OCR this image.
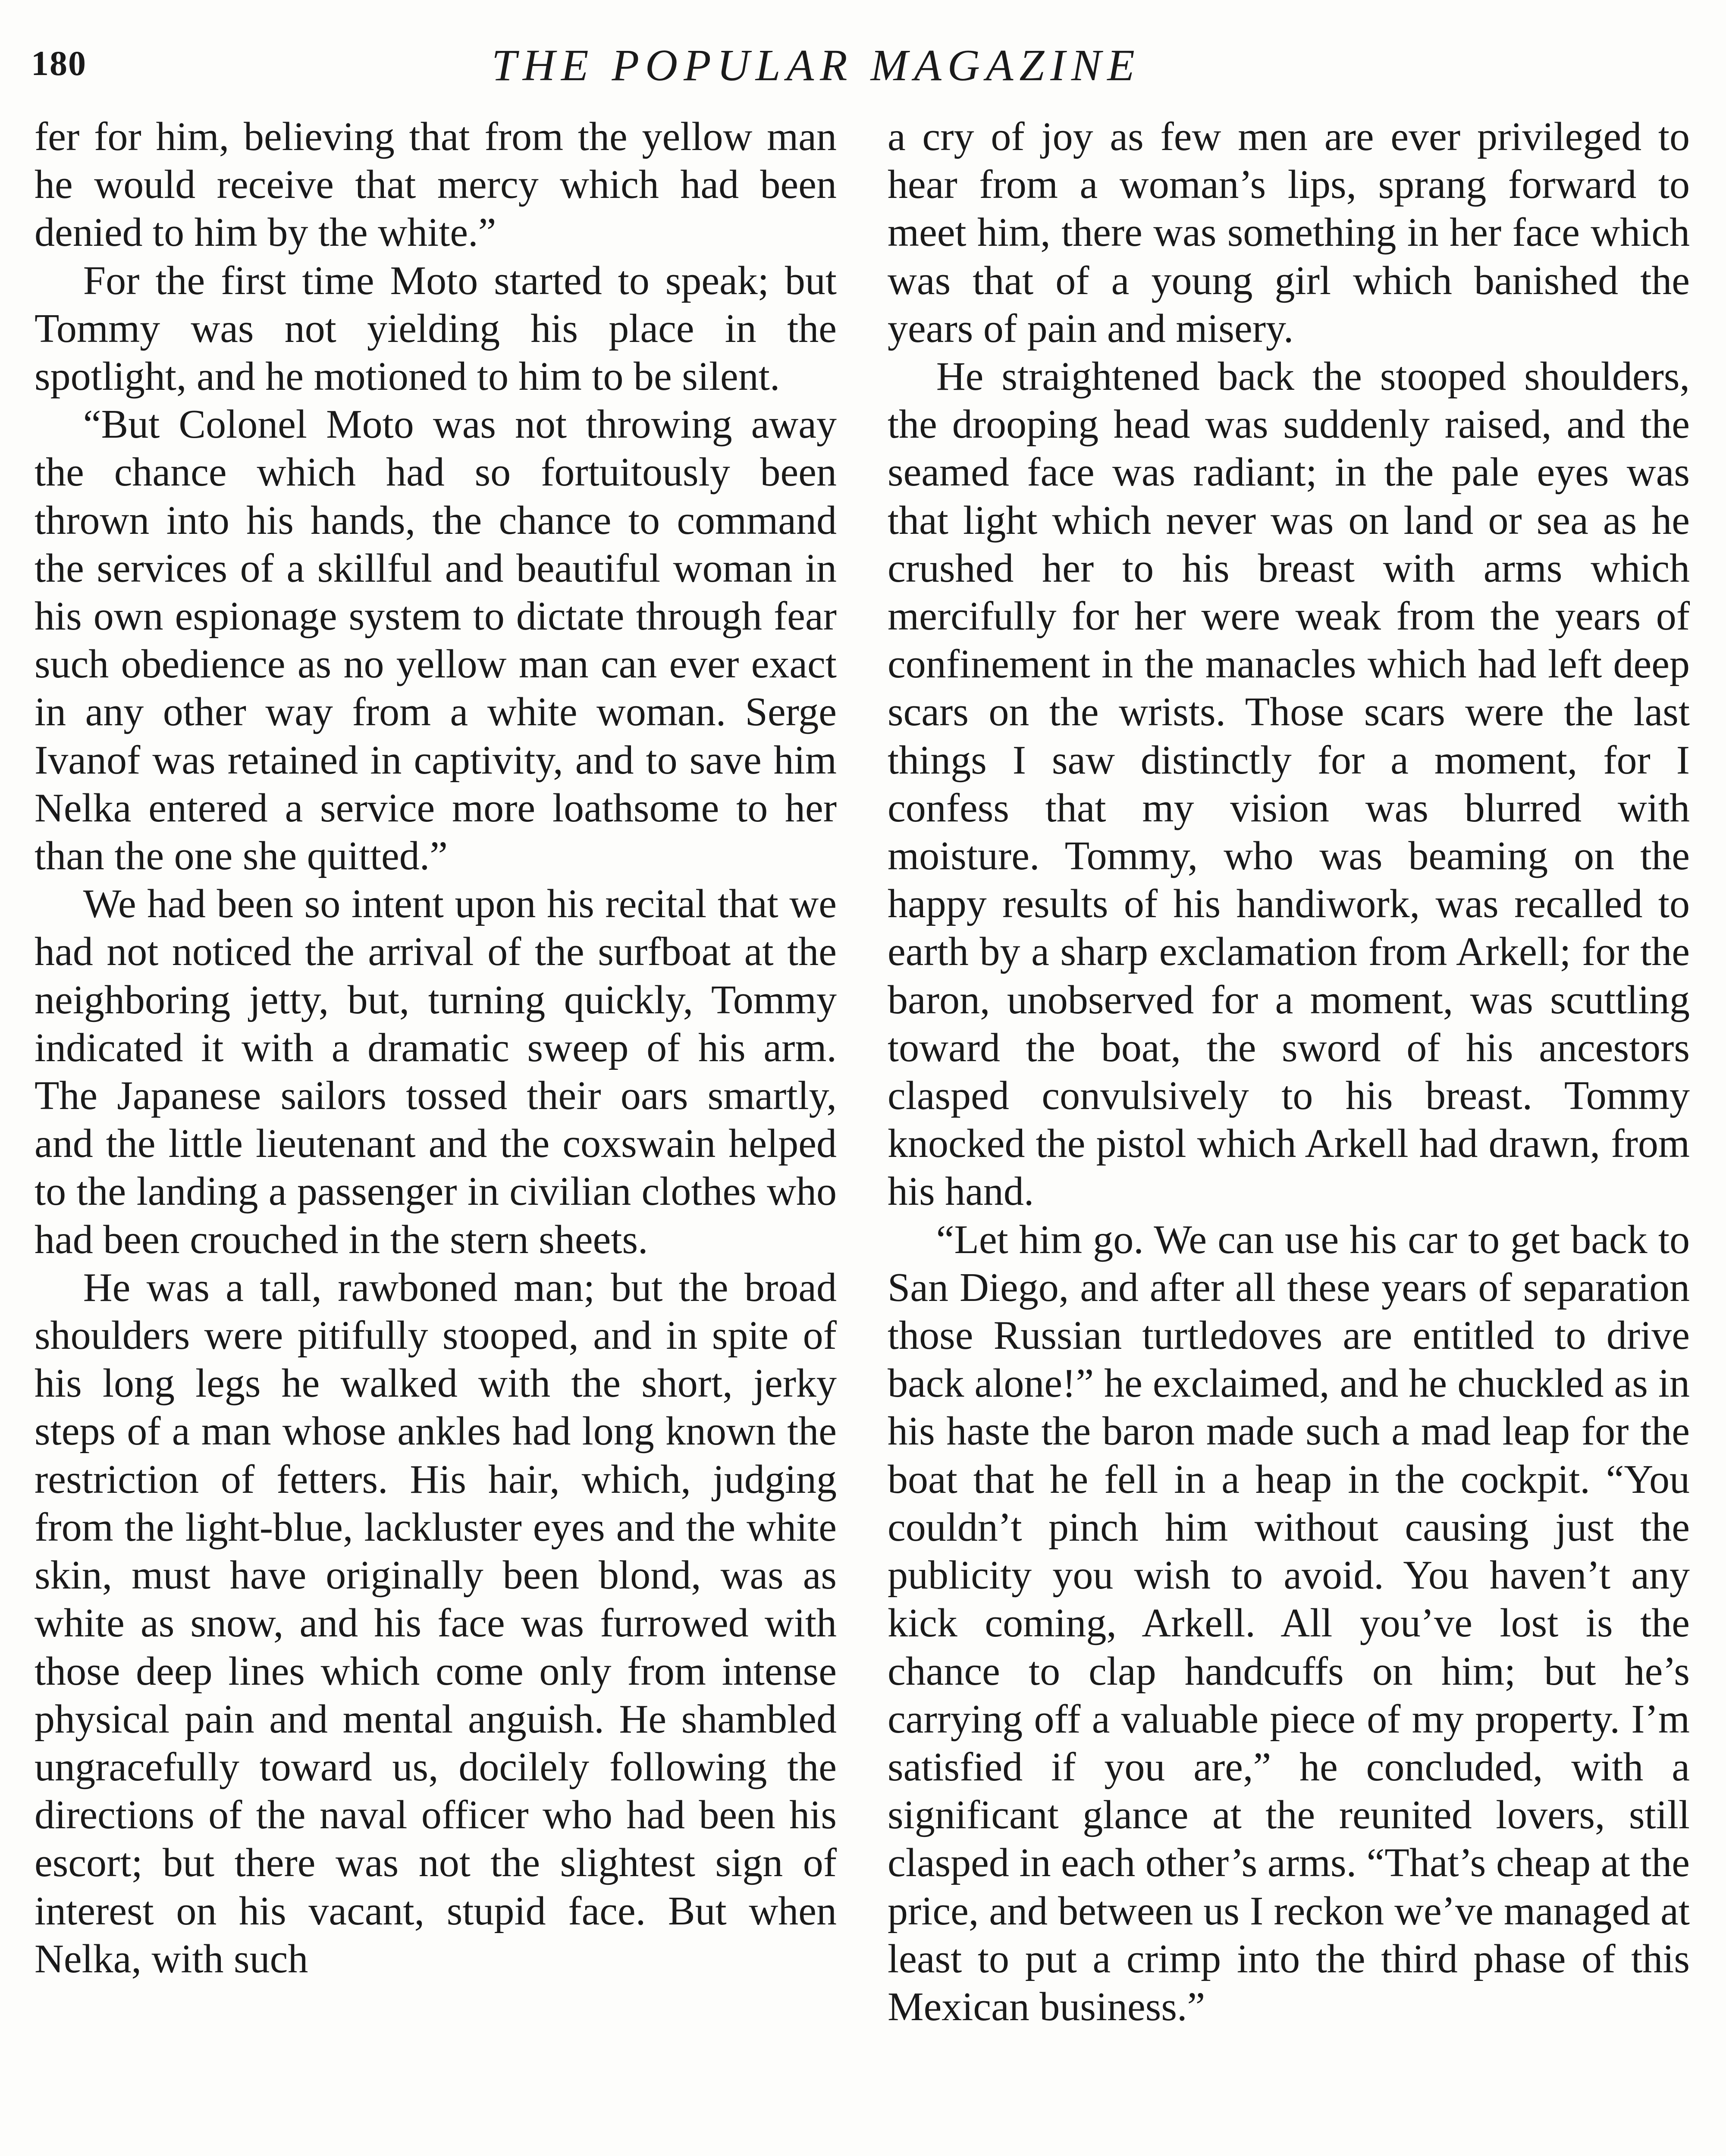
180	THE POPULAR MAGAZINE

fer for him, believing that from the yellow man he would receive that mercy which had been denied to him by the white.”

For the first time Moto started to speak; but Tommy was not yielding his place in the spotlight, and he motioned to him to be silent.

“But Colonel Moto was not throwing away the chance which had so fortuitously been thrown into his hands, the chance to command the services of a skillful and beautiful woman in his own espionage system to dictate through fear such obedience as no yellow man can ever exact in any other way from a white woman. Serge Ivanof was retained in captivity, and to save him Nelka entered a service more loathsome to her than the one she quitted.”

We had been so intent upon his recital that we had not noticed the arrival of the surfboat at the neighboring jetty, but, turning quickly, Tommy indicated it with a dramatic sweep of his arm. The Japanese sailors tossed their oars smartly, and the little lieutenant and the coxswain helped to the landing a passenger in civilian clothes who had been crouched in the stern sheets.

He was a tall, rawboned man; but the broad shoulders were pitifully stooped, and in spite of his long legs he walked with the short, jerky steps of a man whose ankles had long known the restriction of fetters. His hair, which, judging from the light-blue, lackluster eyes and the white skin, must have originally been blond, was as white as snow, and his face was furrowed with those deep lines which come only from intense physical pain and mental anguish. He shambled ungracefully toward us, docilely following the directions of the naval officer who had been his escort; but there was not the slightest sign of interest on his vacant, stupid face. But when Nelka, with such

a cry of joy as few men are ever privileged to hear from a woman’s lips, sprang forward to meet him, there was something in her face which was that of a young girl which banished the years of pain and misery.

He straightened back the stooped shoulders, the drooping head was suddenly raised, and the seamed face was radiant; in the pale eyes was that light which never was on land or sea as he crushed her to his breast with arms which mercifully for her were weak from the years of confinement in the manacles which had left deep scars on the wrists. Those scars were the last things I saw distinctly for a moment, for I confess that my vision was blurred with moisture. Tommy, who was beaming on the happy results of his handiwork, was recalled to earth by a sharp exclamation from Arkell; for the baron, unobserved for a moment, was scuttling toward the boat, the sword of his ancestors clasped convulsively to his breast. Tommy knocked the pistol which Arkell had drawn, from his hand.

“Let him go. We can use his car to get back to San Diego, and after all these years of separation those Russian turtledoves are entitled to drive back alone!” he exclaimed, and he chuckled as in his haste the baron made such a mad leap for the boat that he fell in a heap in the cockpit. “You couldn’t pinch him without causing just the publicity you wish to avoid. You haven’t any kick coming, Arkell. All you’ve lost is the chance to clap handcuffs on him; but he’s carrying off a valuable piece of my property. I’m satisfied if you are,” he concluded, with a significant glance at the reunited lovers, still clasped in each other’s arms. “That’s cheap at the price, and between us I reckon we’ve managed at least to put a crimp into the third phase of this Mexican business.”
